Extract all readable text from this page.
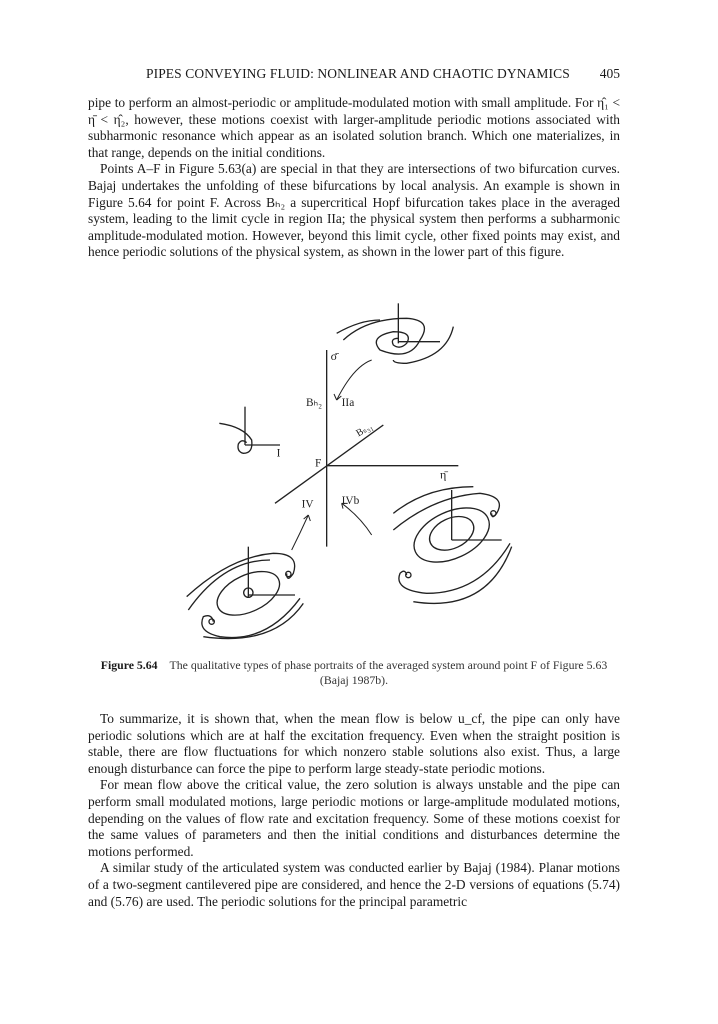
PIPES CONVEYING FLUID: NONLINEAR AND CHAOTIC DYNAMICS 405

pipe to perform an almost-periodic or amplitude-modulated motion with small amplitude. For η̂₁ < η̄ < η̂₂, however, these motions coexist with larger-amplitude periodic motions associated with subharmonic resonance which appear as an isolated solution branch. Which one materializes, in that range, depends on the initial conditions.

Points A–F in Figure 5.63(a) are special in that they are intersections of two bifurcation curves. Bajaj undertakes the unfolding of these bifurcations by local analysis. An example is shown in Figure 5.64 for point F. Across Bₕ₂ a supercritical Hopf bifurcation takes place in the averaged system, leading to the limit cycle in region IIa; the physical system then performs a subharmonic amplitude-modulated motion. However, beyond this limit cycle, other fixed points may exist, and hence periodic solutions of the physical system, as shown in the lower part of this figure.

σ̄
Bₕ₂ IIa
Bₛ₃₁
F
η̄
I
IV IVb
Figure 5.64 The qualitative types of phase portraits of the averaged system around point F of Figure 5.63 (Bajaj 1987b).

To summarize, it is shown that, when the mean flow is below u_cf, the pipe can only have periodic solutions which are at half the excitation frequency. Even when the straight position is stable, there are flow fluctuations for which nonzero stable solutions also exist. Thus, a large enough disturbance can force the pipe to perform large steady-state periodic motions.

For mean flow above the critical value, the zero solution is always unstable and the pipe can perform small modulated motions, large periodic motions or large-amplitude modulated motions, depending on the values of flow rate and excitation frequency. Some of these motions coexist for the same values of parameters and then the initial conditions and disturbances determine the motions performed.

A similar study of the articulated system was conducted earlier by Bajaj (1984). Planar motions of a two-segment cantilevered pipe are considered, and hence the 2-D versions of equations (5.74) and (5.76) are used. The periodic solutions for the principal parametric
